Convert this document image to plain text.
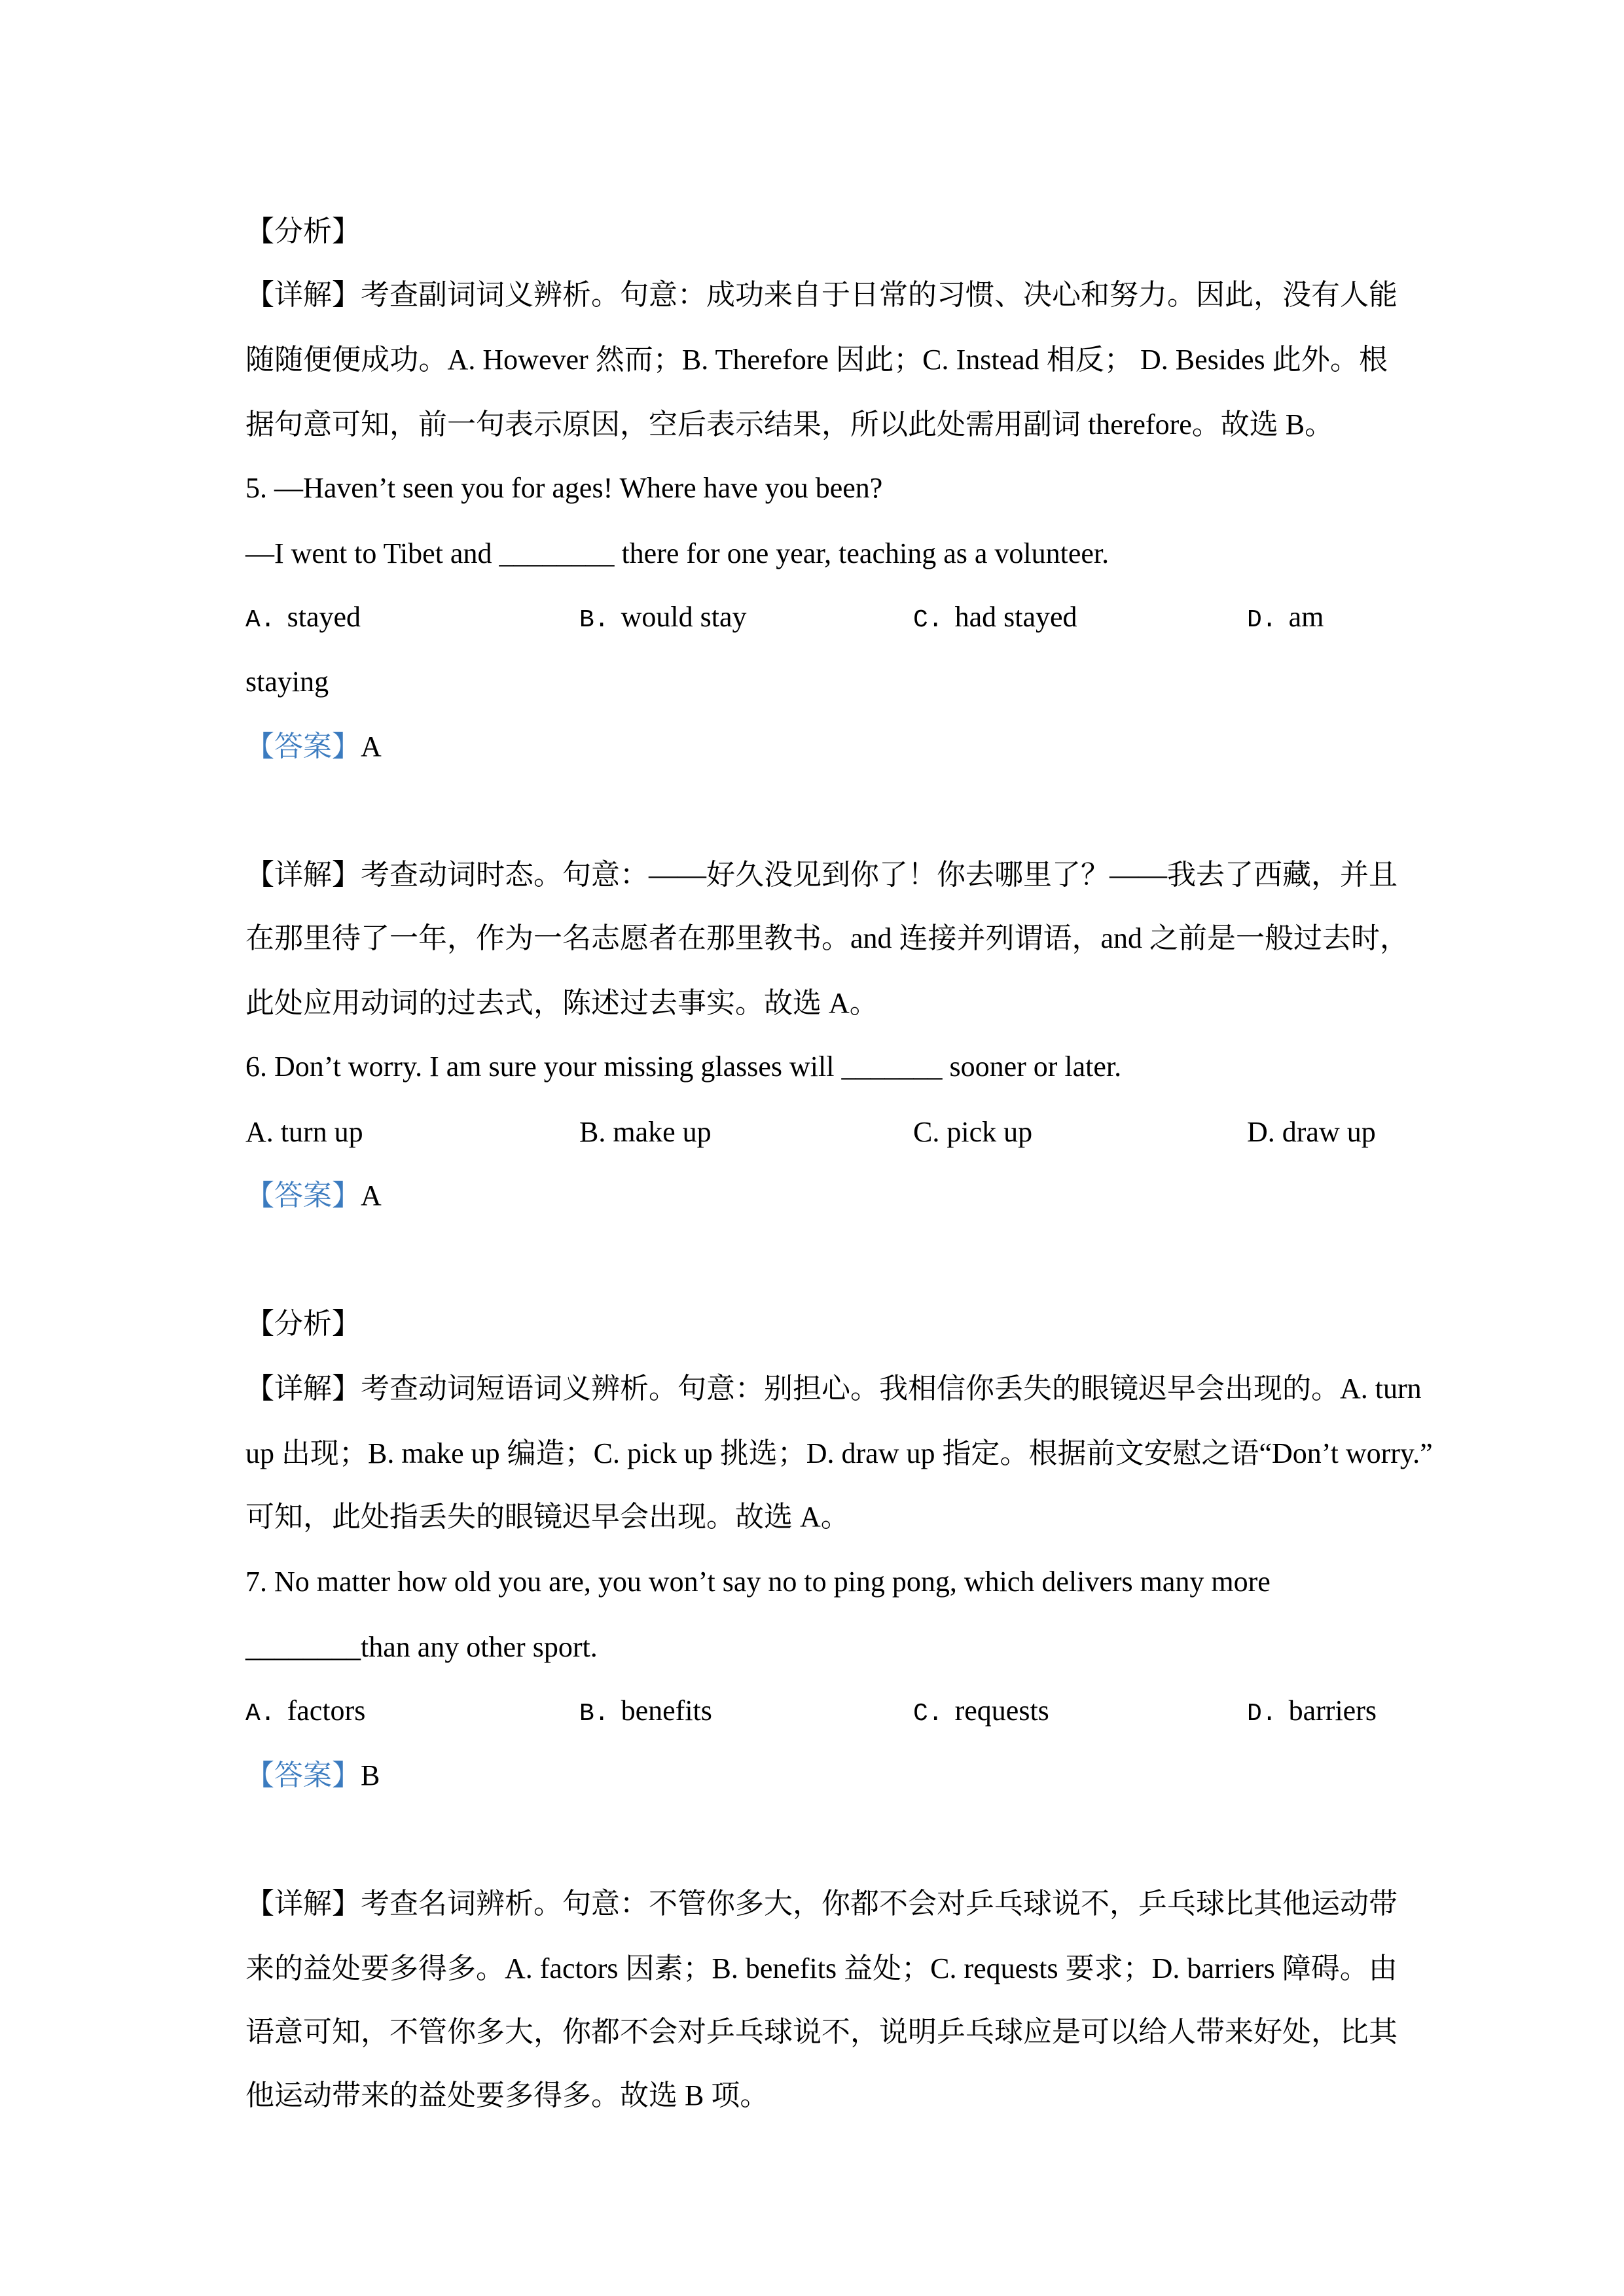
【分析】
【详解】考查副词词义辨析。句意：成功来自于日常的习惯、决心和努力。因此，没有人能
随随便便成功。A. However 然而；B. Therefore 因此；C. Instead 相反； D. Besides 此外。根
据句意可知，前一句表示原因，空后表示结果，所以此处需用副词 therefore。故选 B。
5. —Haven’t seen you for ages! Where have you been?
—I went to Tibet and ________ there for one year, teaching as a volunteer.
A. stayed	B. would stay	C. had stayed	D. am
staying
【答案】A
【详解】考查动词时态。句意：——好久没见到你了！你去哪里了？——我去了西藏，并且
在那里待了一年，作为一名志愿者在那里教书。and 连接并列谓语，and 之前是一般过去时，
此处应用动词的过去式，陈述过去事实。故选 A。
6. Don’t worry. I am sure your missing glasses will _______ sooner or later.
A. turn up	B. make up	C. pick up	D. draw up
【答案】A
【分析】
【详解】考查动词短语词义辨析。句意：别担心。我相信你丢失的眼镜迟早会出现的。A. turn
up 出现；B. make up 编造；C. pick up 挑选；D. draw up 指定。根据前文安慰之语“Don’t worry.”
可知，此处指丢失的眼镜迟早会出现。故选 A。
7. No matter how old you are, you won’t say no to ping pong, which delivers many more
________than any other sport.
A. factors	B. benefits	C. requests	D. barriers
【答案】B
【详解】考查名词辨析。句意：不管你多大，你都不会对乒乓球说不，乒乓球比其他运动带
来的益处要多得多。A. factors 因素；B. benefits 益处；C. requests 要求；D. barriers 障碍。由
语意可知，不管你多大，你都不会对乒乓球说不，说明乒乓球应是可以给人带来好处，比其
他运动带来的益处要多得多。故选 B 项。
